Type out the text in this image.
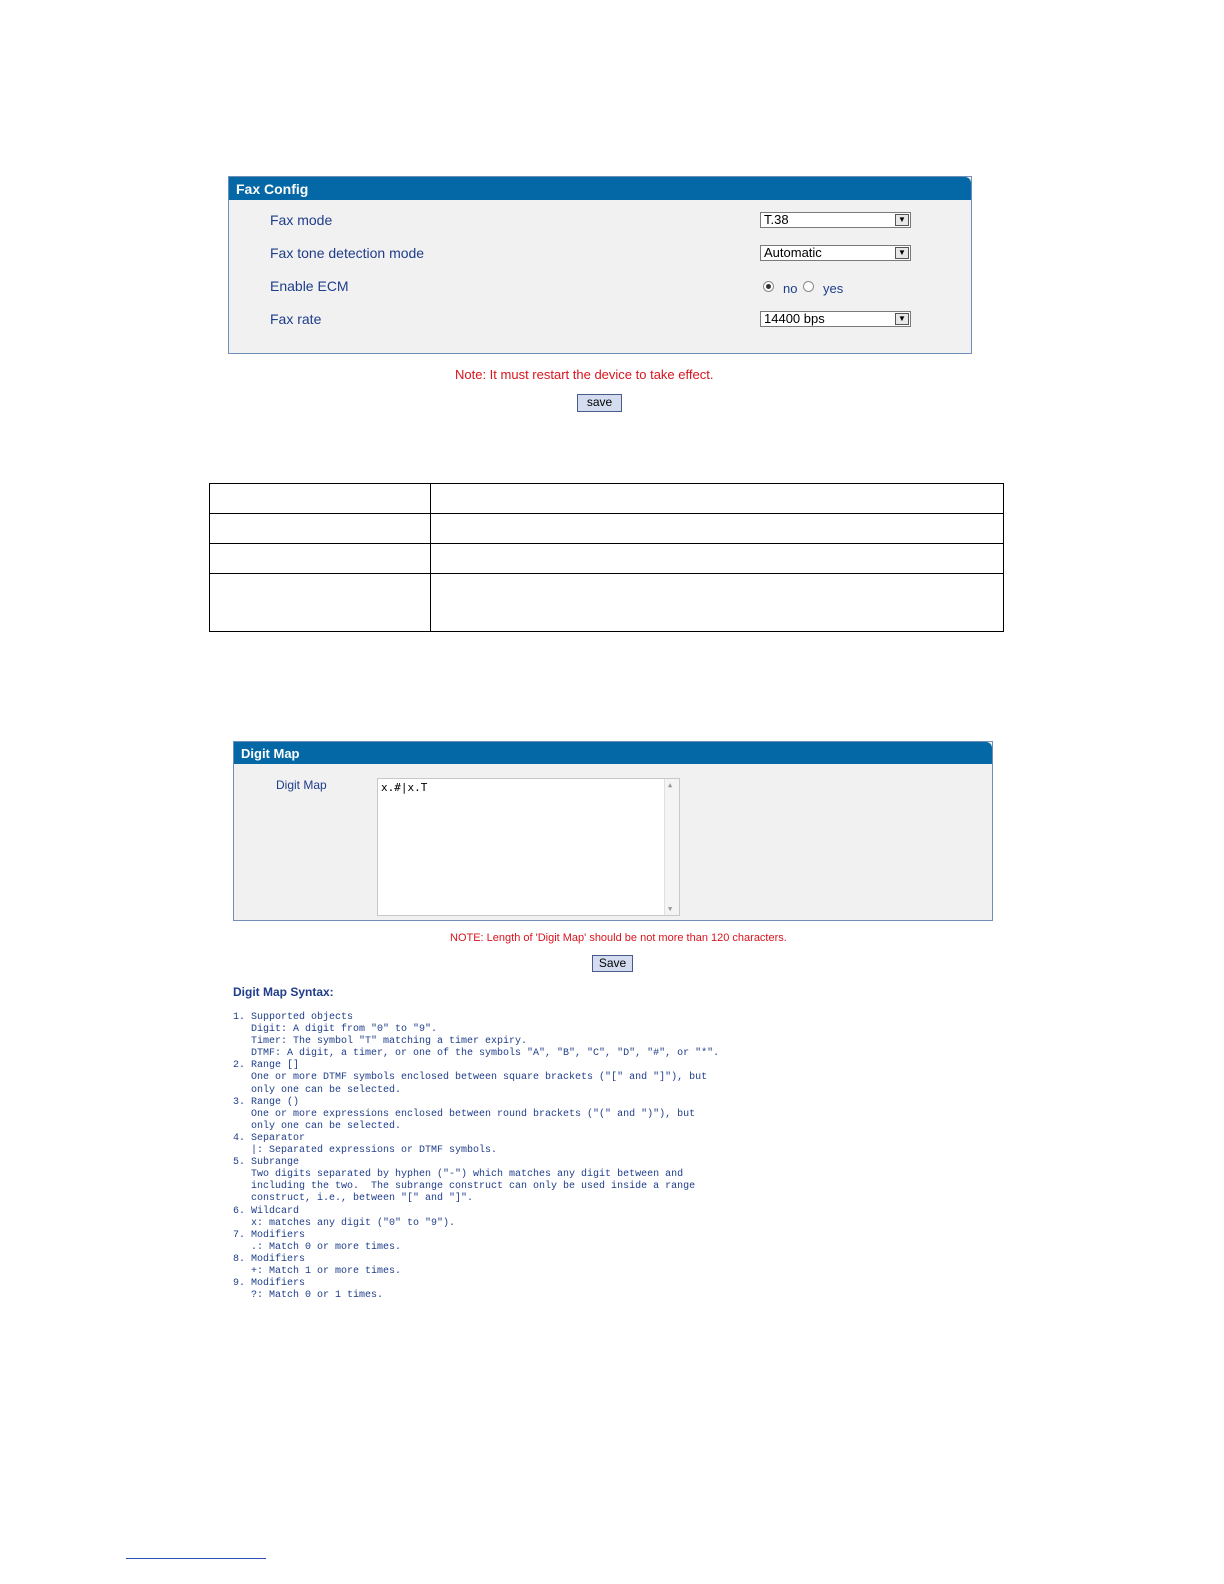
Fax Config
Fax mode	T.38	▼
Fax tone detection mode	Automatic	▼
Enable ECM	no yes
Fax rate	14400 bps	▼
Note: It must restart the device to take effect.
save

Digit Map
Digit Map	x.#|x.T	▲
▼
NOTE: Length of 'Digit Map' should be not more than 120 characters.
Save
Digit Map Syntax:
1. Supported objects
Digit: A digit from "0" to "9".
Timer: The symbol "T" matching a timer expiry.
DTMF: A digit, a timer, or one of the symbols "A", "B", "C", "D", "#", or "*".
2. Range []
One or more DTMF symbols enclosed between square brackets ("[" and "]"), but
only one can be selected.
3. Range ()
One or more expressions enclosed between round brackets ("(" and ")"), but
only one can be selected.
4. Separator
|: Separated expressions or DTMF symbols.
5. Subrange
Two digits separated by hyphen ("-") which matches any digit between and
including the two.  The subrange construct can only be used inside a range
construct, i.e., between "[" and "]".
6. Wildcard
x: matches any digit ("0" to "9").
7. Modifiers
.: Match 0 or more times.
8. Modifiers
+: Match 1 or more times.
9. Modifiers
?: Match 0 or 1 times.
